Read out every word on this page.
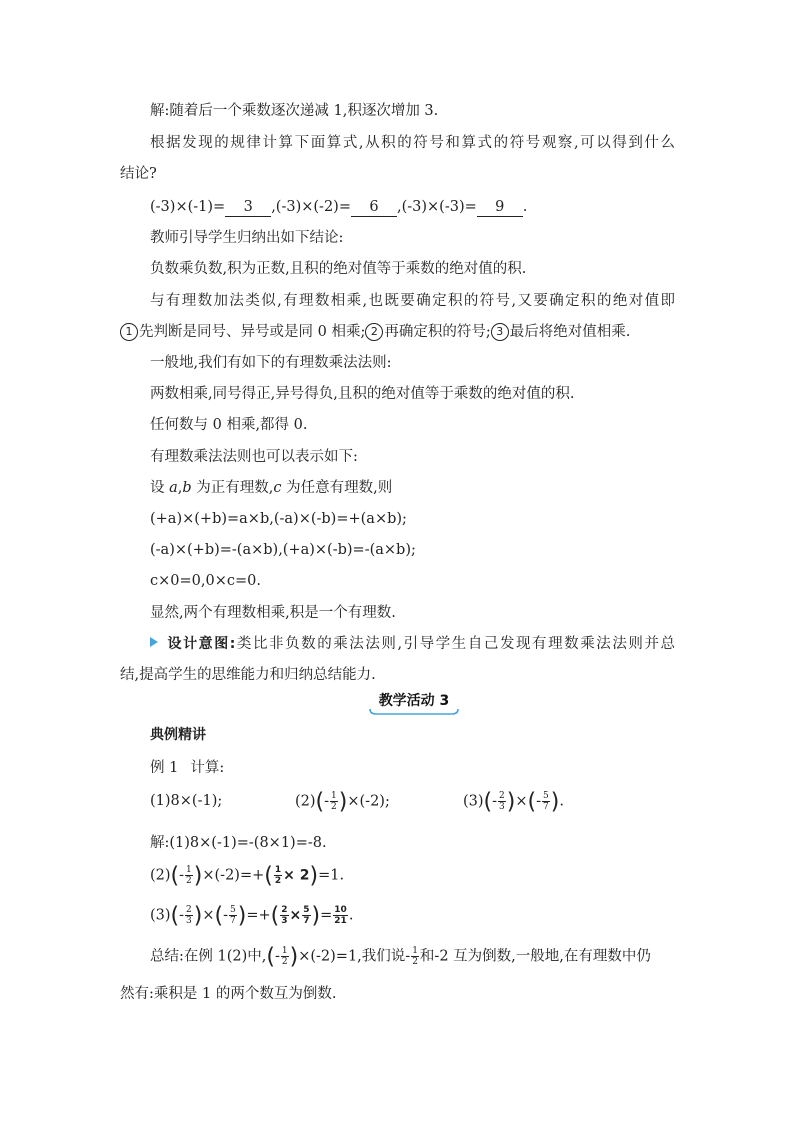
解:随着后一个乘数逐次递减 1,积逐次增加 3.
根据发现的规律计算下面算式,从积的符号和算式的符号观察,可以得到什么
结论?
(-3)×(-1)= 3 ,(-3)×(-2)= 6 ,(-3)×(-3)= 9 .
教师引导学生归纳出如下结论:
负数乘负数,积为正数,且积的绝对值等于乘数的绝对值的积.
与有理数加法类似,有理数相乘,也既要确定积的符号,又要确定积的绝对值即
1 先判断是同号、异号或是同 0 相乘; 2 再确定积的符号; 3 最后将绝对值相乘.
一般地,我们有如下的有理数乘法法则:
两数相乘,同号得正,异号得负,且积的绝对值等于乘数的绝对值的积.
任何数与 0 相乘,都得 0.
有理数乘法法则也可以表示如下:
设 a,b 为正有理数,c 为任意有理数,则
(+a)×(+b)=a×b,(-a)×(-b)=+(a×b);
(-a)×(+b)=-(a×b),(+a)×(-b)=-(a×b);
c×0=0,0×c=0.
显然,两个有理数相乘,积是一个有理数.
设计意图:类比非负数的乘法法则,引导学生自己发现有理数乘法法则并总
结,提高学生的思维能力和归纳总结能力.
教学活动 3
典例精讲
例 1 计算:
(1)8×(-1);	$(2)(- \frac{1}{2} )\times(-2)$;	$(3)(- \frac{2}{3}$ )×(- $\frac{5}{7}$ ).
解:(1)8×(-1)=-(8×1)=-8.
$(2)(- \frac{1}{2} )\times(-2)=+( \frac{1}{2} \times 2)=1$.
$(3)(- \frac{2}{3}$ )×(- $\frac{5}{7}$ )=+( $\frac{2}{3} \times \frac{5}{7}$ )= $\frac{10}{21}$ .
总结:在例 1(2)中,(- $\frac{1}{2} )\times(-2)=1$,我们说- $\frac{1}{2}$ 和-2 互为倒数,一般地,在有理数中仍
然有:乘积是 1 的两个数互为倒数.
